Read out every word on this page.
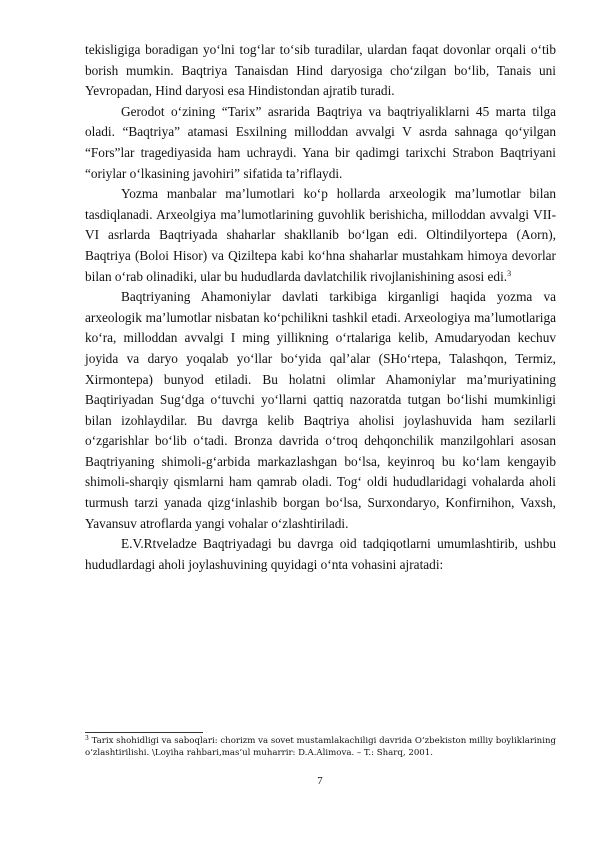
tekisligiga boradigan yo‘lni tog‘lar to‘sib turadilar, ulardan faqat dovonlar orqali o‘tib borish mumkin. Baqtriya Tanaisdan Hind daryosiga cho‘zilgan bo‘lib, Tanais uni Yevropadan, Hind daryosi esa Hindistondan ajratib turadi.

Gerodot o‘zining “Tarix” asrarida Baqtriya va baqtriyaliklarni 45 marta tilga oladi. “Baqtriya” atamasi Esxilning milloddan avvalgi V asrda sahnaga qo‘yilgan “Fors”lar tragediyasida ham uchraydi. Yana bir qadimgi tarixchi Strabon Baqtriyani “oriylar o‘lkasining javohiri” sifatida ta’riflaydi.

Yozma manbalar ma’lumotlari ko‘p hollarda arxeologik ma’lumotlar bilan tasdiqlanadi. Arxeolgiya ma’lumotlarining guvohlik berishicha, milloddan avvalgi VII-VI asrlarda Baqtriyada shaharlar shakllanib bo‘lgan edi. Oltindilyortepa (Aorn), Baqtriya (Boloi Hisor) va Qiziltepa kabi ko‘hna shaharlar mustahkam himoya devorlar bilan o‘rab olinadiki, ular bu hududlarda davlatchilik rivojlanishining asosi edi.$^3$

Baqtriyaning Ahamoniylar davlati tarkibiga kirganligi haqida yozma va arxeologik ma’lumotlar nisbatan ko‘pchilikni tashkil etadi. Arxeologiya ma’lumotlariga ko‘ra, milloddan avvalgi I ming yillikning o‘rtalariga kelib, Amudaryodan kechuv joyida va daryo yoqalab yo‘llar bo‘yida qal’alar (SHo‘rtepa, Talashqon, Termiz, Xirmontepa) bunyod etiladi. Bu holatni olimlar Ahamoniylar ma’muriyatining Baqtiriyadan Sug‘dga o‘tuvchi yo‘llarni qattiq nazoratda tutgan bo‘lishi mumkinligi bilan izohlaydilar. Bu davrga kelib Baqtriya aholisi joylashuvida ham sezilarli o‘zgarishlar bo‘lib o‘tadi. Bronza davrida o‘troq dehqonchilik manzilgohlari asosan Baqtriyaning shimoli-g‘arbida markazlashgan bo‘lsa, keyinroq bu ko‘lam kengayib shimoli-sharqiy qismlarni ham qamrab oladi. Tog‘ oldi hududlaridagi vohalarda aholi turmush tarzi yanada qizg‘inlashib borgan bo‘lsa, Surxondaryo, Konfirnihon, Vaxsh, Yavansuv atroflarda yangi vohalar o‘zlashtiriladi.

E.V.Rtveladze Baqtriyadagi bu davrga oid tadqiqotlarni umumlashtirib, ushbu hududlardagi aholi joylashuvining quyidagi o‘nta vohasini ajratadi:

$^3$ Tarix shohidligi va saboqlari: chorizm va sovet mustamlakachiligi davrida O‘zbekiston milliy boyliklarining o‘zlashtirilishi. \Loyiha rahbari,mas’ul muharrir: D.A.Alimova. – T.: Sharq, 2001.
7
